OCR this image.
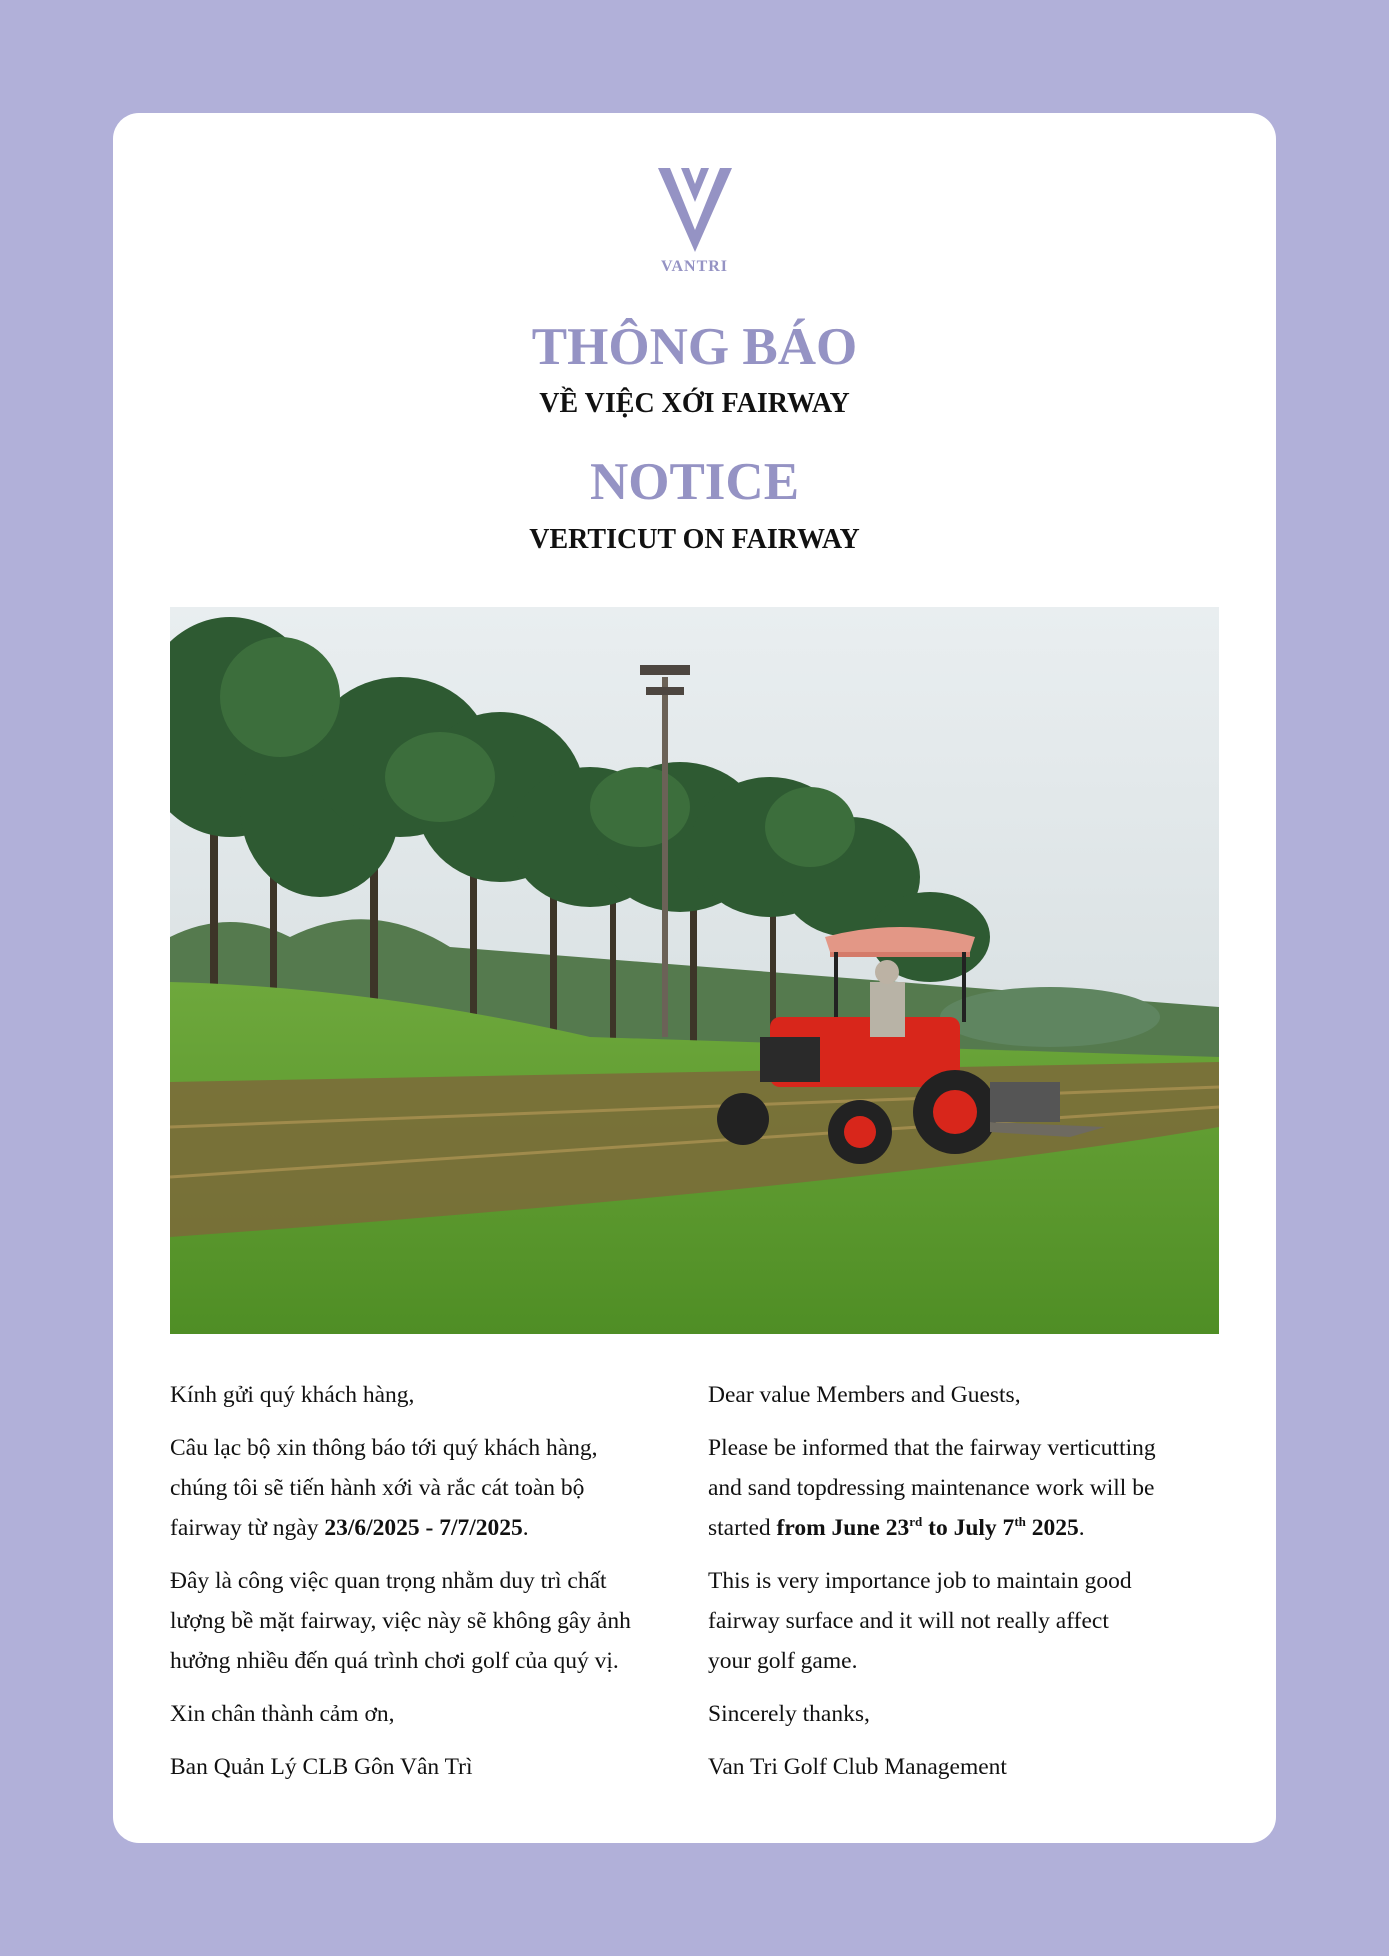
VANTRI
THÔNG BÁO
VỀ VIỆC XỚI FAIRWAY
NOTICE
VERTICUT ON FAIRWAY

Kính gửi quý khách hàng,

Câu lạc bộ xin thông báo tới quý khách hàng,
chúng tôi sẽ tiến hành xới và rắc cát toàn bộ
fairway từ ngày 23/6/2025 - 7/7/2025.

Đây là công việc quan trọng nhằm duy trì chất
lượng bề mặt fairway, việc này sẽ không gây ảnh
hưởng nhiều đến quá trình chơi golf của quý vị.

Xin chân thành cảm ơn,

Ban Quản Lý CLB Gôn Vân Trì

Dear value Members and Guests,

Please be informed that the fairway verticutting
and sand topdressing maintenance work will be
started from June 23rd to July 7th 2025.

This is very importance job to maintain good
fairway surface and it will not really affect
your golf game.

Sincerely thanks,

Van Tri Golf Club Management
